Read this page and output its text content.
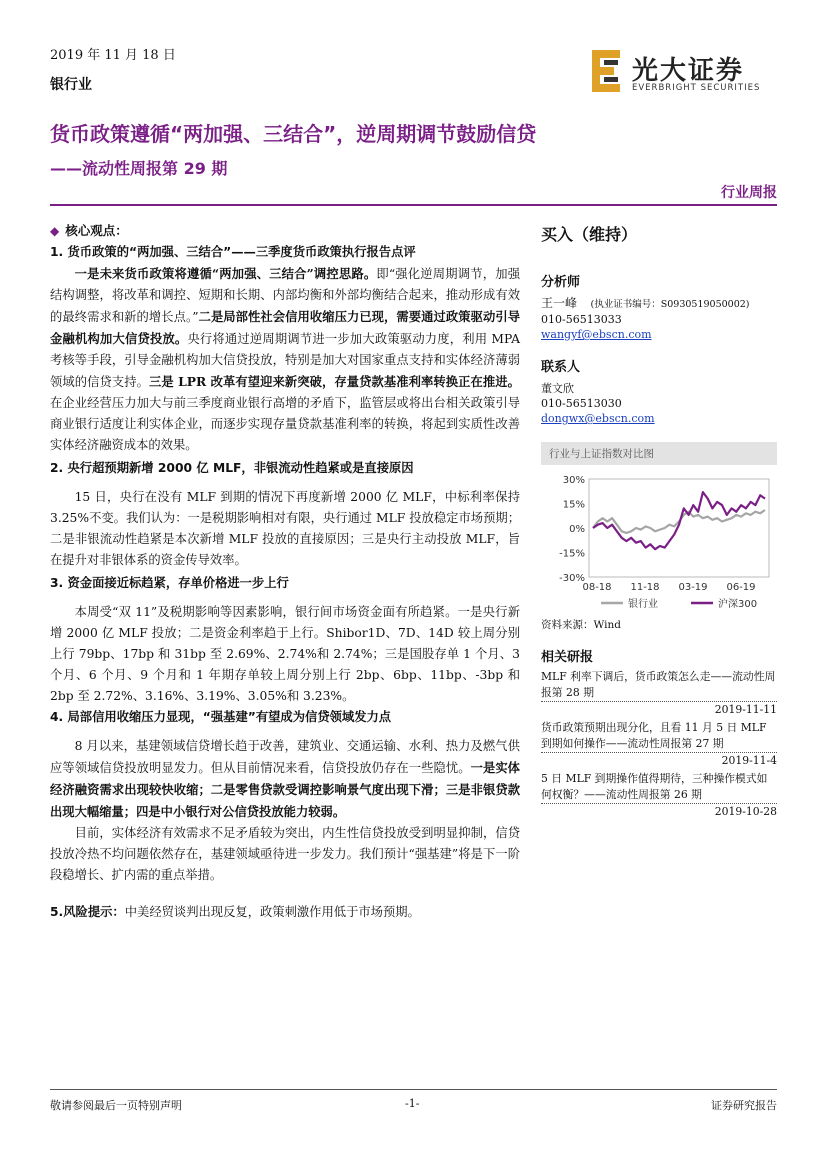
2019 年 11 月 18 日
银行业	光大证券
EVERBRIGHT SECURITIES
货币政策遵循“两加强、三结合”，逆周期调节鼓励信贷
——流动性周报第 29 期
行业周报
◆ 核心观点：
1. 货币政策的“两加强、三结合”——三季度货币政策执行报告点评

一是未来货币政策将遵循“两加强、三结合”调控思路。即“强化逆周期调节，加强结构调整，将改革和调控、短期和长期、内部均衡和外部均衡结合起来，推动形成有效的最终需求和新的增长点。”二是局部性社会信用收缩压力已现，需要通过政策驱动引导金融机构加大信贷投放。央行将通过逆周期调节进一步加大政策驱动力度，利用 MPA 考核等手段，引导金融机构加大信贷投放，特别是加大对国家重点支持和实体经济薄弱领域的信贷支持。三是 LPR 改革有望迎来新突破，存量贷款基准利率转换正在推进。在企业经营压力加大与前三季度商业银行高增的矛盾下，监管层或将出台相关政策引导商业银行适度让利实体企业，而逐步实现存量贷款基准利率的转换，将起到实质性改善实体经济融资成本的效果。

2. 央行超预期新增 2000 亿 MLF，非银流动性趋紧或是直接原因

15 日，央行在没有 MLF 到期的情况下再度新增 2000 亿 MLF，中标利率保持 3.25%不变。我们认为：一是税期影响相对有限，央行通过 MLF 投放稳定市场预期；二是非银流动性趋紧是本次新增 MLF 投放的直接原因；三是央行主动投放 MLF，旨在提升对非银体系的资金传导效率。

3. 资金面接近标趋紧，存单价格进一步上行

本周受“双 11”及税期影响等因素影响，银行间市场资金面有所趋紧。一是央行新增 2000 亿 MLF 投放；二是资金利率趋于上行。Shibor1D、7D、14D 较上周分别上行 79bp、17bp 和 31bp 至 2.69%、2.74%和 2.74%；三是国股存单 1 个月、3 个月、6 个月、9 个月和 1 年期存单较上周分别上行 2bp、6bp、11bp、-3bp 和 2bp 至 2.72%、3.16%、3.19%、3.05%和 3.23%。

4. 局部信用收缩压力显现，“强基建”有望成为信贷领域发力点

8 月以来，基建领域信贷增长趋于改善，建筑业、交通运输、水利、热力及燃气供应等领域信贷投放明显发力。但从目前情况来看，信贷投放仍存在一些隐忧。一是实体经济融资需求出现较快收缩；二是零售贷款受调控影响景气度出现下滑；三是非银贷款出现大幅缩量；四是中小银行对公信贷投放能力较弱。

目前，实体经济有效需求不足矛盾较为突出，内生性信贷投放受到明显抑制，信贷投放冷热不均问题依然存在，基建领域亟待进一步发力。我们预计“强基建”将是下一阶段稳增长、扩内需的重点举措。

5.风险提示：中美经贸谈判出现反复，政策刺激作用低于市场预期。

买入（维持）
分析师
王一峰 (执业证书编号：S0930519050002)
010-56513033
wangyf@ebscn.com
联系人
董文欣
010-56513030
dongwx@ebscn.com
行业与上证指数对比图
30%
15%
0%
-15%
-30%
08-18 11-18 03-19 06-19
银行业	沪深300
资料来源：Wind
相关研报
MLF 利率下调后，货币政策怎么走——流动性周报第 28 期
2019-11-11
货币政策预期出现分化，且看 11 月 5 日 MLF 到期如何操作——流动性周报第 27 期
2019-11-4
5 日 MLF 到期操作值得期待，三种操作模式如何权衡？——流动性周报第 26 期
2019-10-28
敬请参阅最后一页特别声明	-1-	证券研究报告
